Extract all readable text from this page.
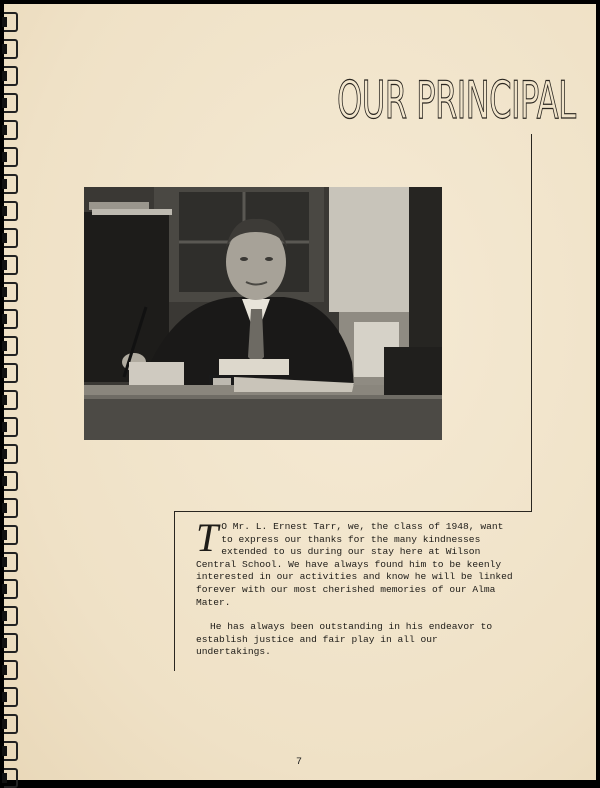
OUR PRINCIPAL

T O Mr. L. Ernest Tarr, we, the class of 1948, want to express our thanks for the many kindnesses extended to us during our stay here at Wilson Central School. We have always found him to be keenly interested in our activities and know he will be linked forever with our most cherished memories of our Alma Mater.

He has always been outstanding in his endeavor to establish justice and fair play in all our undertakings.

7
